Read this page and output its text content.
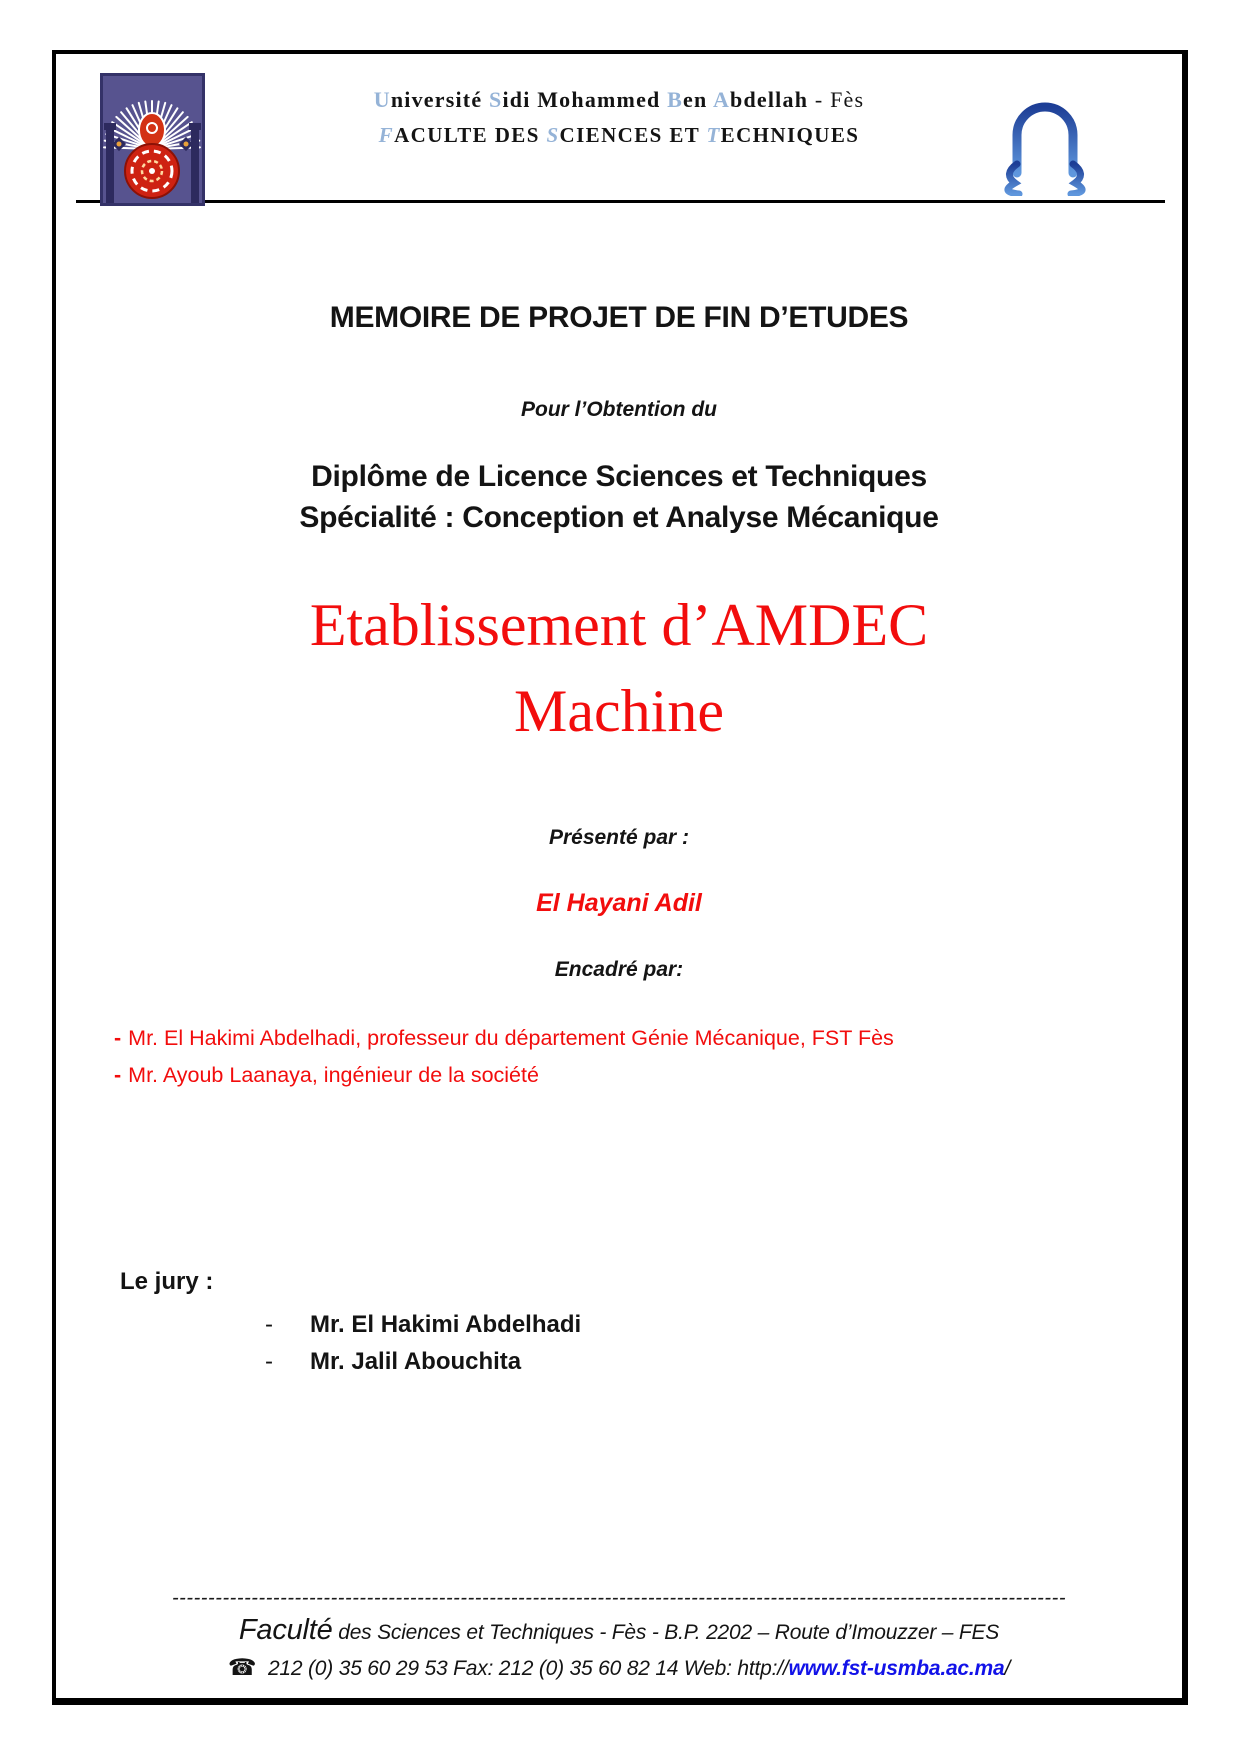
Université Sidi Mohammed Ben Abdellah - Fès
FACULTE DES SCIENCES ET TECHNIQUES
MEMOIRE DE PROJET DE FIN D’ETUDES
Pour l’Obtention du
Diplôme de Licence Sciences et Techniques
Spécialité : Conception et Analyse Mécanique
Etablissement d’AMDEC
Machine
Présenté par :
El Hayani Adil
Encadré par:
- Mr. El Hakimi Abdelhadi, professeur du département Génie Mécanique, FST Fès
- Mr. Ayoub Laanaya, ingénieur de la société
Le jury :
- Mr. El Hakimi Abdelhadi
- Mr. Jalil Abouchita
----------------------------------------------------------------------------------------------------------------------------
Faculté des Sciences et Techniques - Fès - B.P. 2202 – Route d’Imouzzer – FES
☎ 212 (0) 35 60 29 53 Fax: 212 (0) 35 60 82 14 Web: http://www.fst-usmba.ac.ma/
